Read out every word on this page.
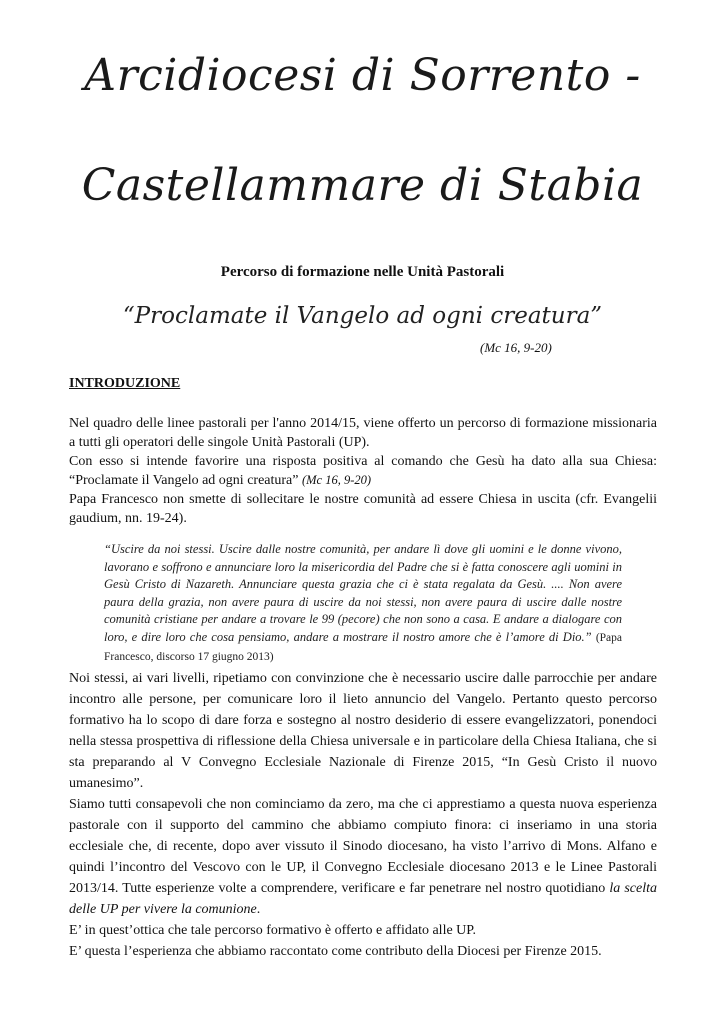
Arcidiocesi di Sorrento -
Castellammare di Stabia
Percorso di formazione nelle Unità Pastorali
“Proclamate il Vangelo ad ogni creatura”
(Mc 16, 9-20)
INTRODUZIONE

Nel quadro delle linee pastorali per l'anno 2014/15, viene offerto un percorso di formazione missionaria a tutti gli operatori delle singole Unità Pastorali (UP).

Con esso si intende favorire una risposta positiva al comando che Gesù ha dato alla sua Chiesa: “Proclamate il Vangelo ad ogni creatura” (Mc 16, 9-20)

Papa Francesco non smette di sollecitare le nostre comunità ad essere Chiesa in uscita (cfr. Evangelii gaudium, nn. 19-24).

“Uscire da noi stessi. Uscire dalle nostre comunità, per andare lì dove gli uomini e le donne vivono, lavorano e soffrono e annunciare loro la misericordia del Padre che si è fatta conoscere agli uomini in Gesù Cristo di Nazareth. Annunciare questa grazia che ci è stata regalata da Gesù. .... Non avere paura della grazia, non avere paura di uscire da noi stessi, non avere paura di uscire dalle nostre comunità cristiane per andare a trovare le 99 (pecore) che non sono a casa. E andare a dialogare con loro, e dire loro che cosa pensiamo, andare a mostrare il nostro amore che è l’amore di Dio.” (Papa Francesco, discorso 17 giugno 2013)

Noi stessi, ai vari livelli, ripetiamo con convinzione che è necessario uscire dalle parrocchie per andare incontro alle persone, per comunicare loro il lieto annuncio del Vangelo. Pertanto questo percorso formativo ha lo scopo di dare forza e sostegno al nostro desiderio di essere evangelizzatori, ponendoci nella stessa prospettiva di riflessione della Chiesa universale e in particolare della Chiesa Italiana, che si sta preparando al V Convegno Ecclesiale Nazionale di Firenze 2015, “In Gesù Cristo il nuovo umanesimo”.

Siamo tutti consapevoli che non cominciamo da zero, ma che ci apprestiamo a questa nuova esperienza pastorale con il supporto del cammino che abbiamo compiuto finora: ci inseriamo in una storia ecclesiale che, di recente, dopo aver vissuto il Sinodo diocesano, ha visto l’arrivo di Mons. Alfano e quindi l’incontro del Vescovo con le UP, il Convegno Ecclesiale diocesano 2013 e le Linee Pastorali 2013/14. Tutte esperienze volte a comprendere, verificare e far penetrare nel nostro quotidiano la scelta delle UP per vivere la comunione.

E’ in quest’ottica che tale percorso formativo è offerto e affidato alle UP.

E’ questa l’esperienza che abbiamo raccontato come contributo della Diocesi per Firenze 2015.
